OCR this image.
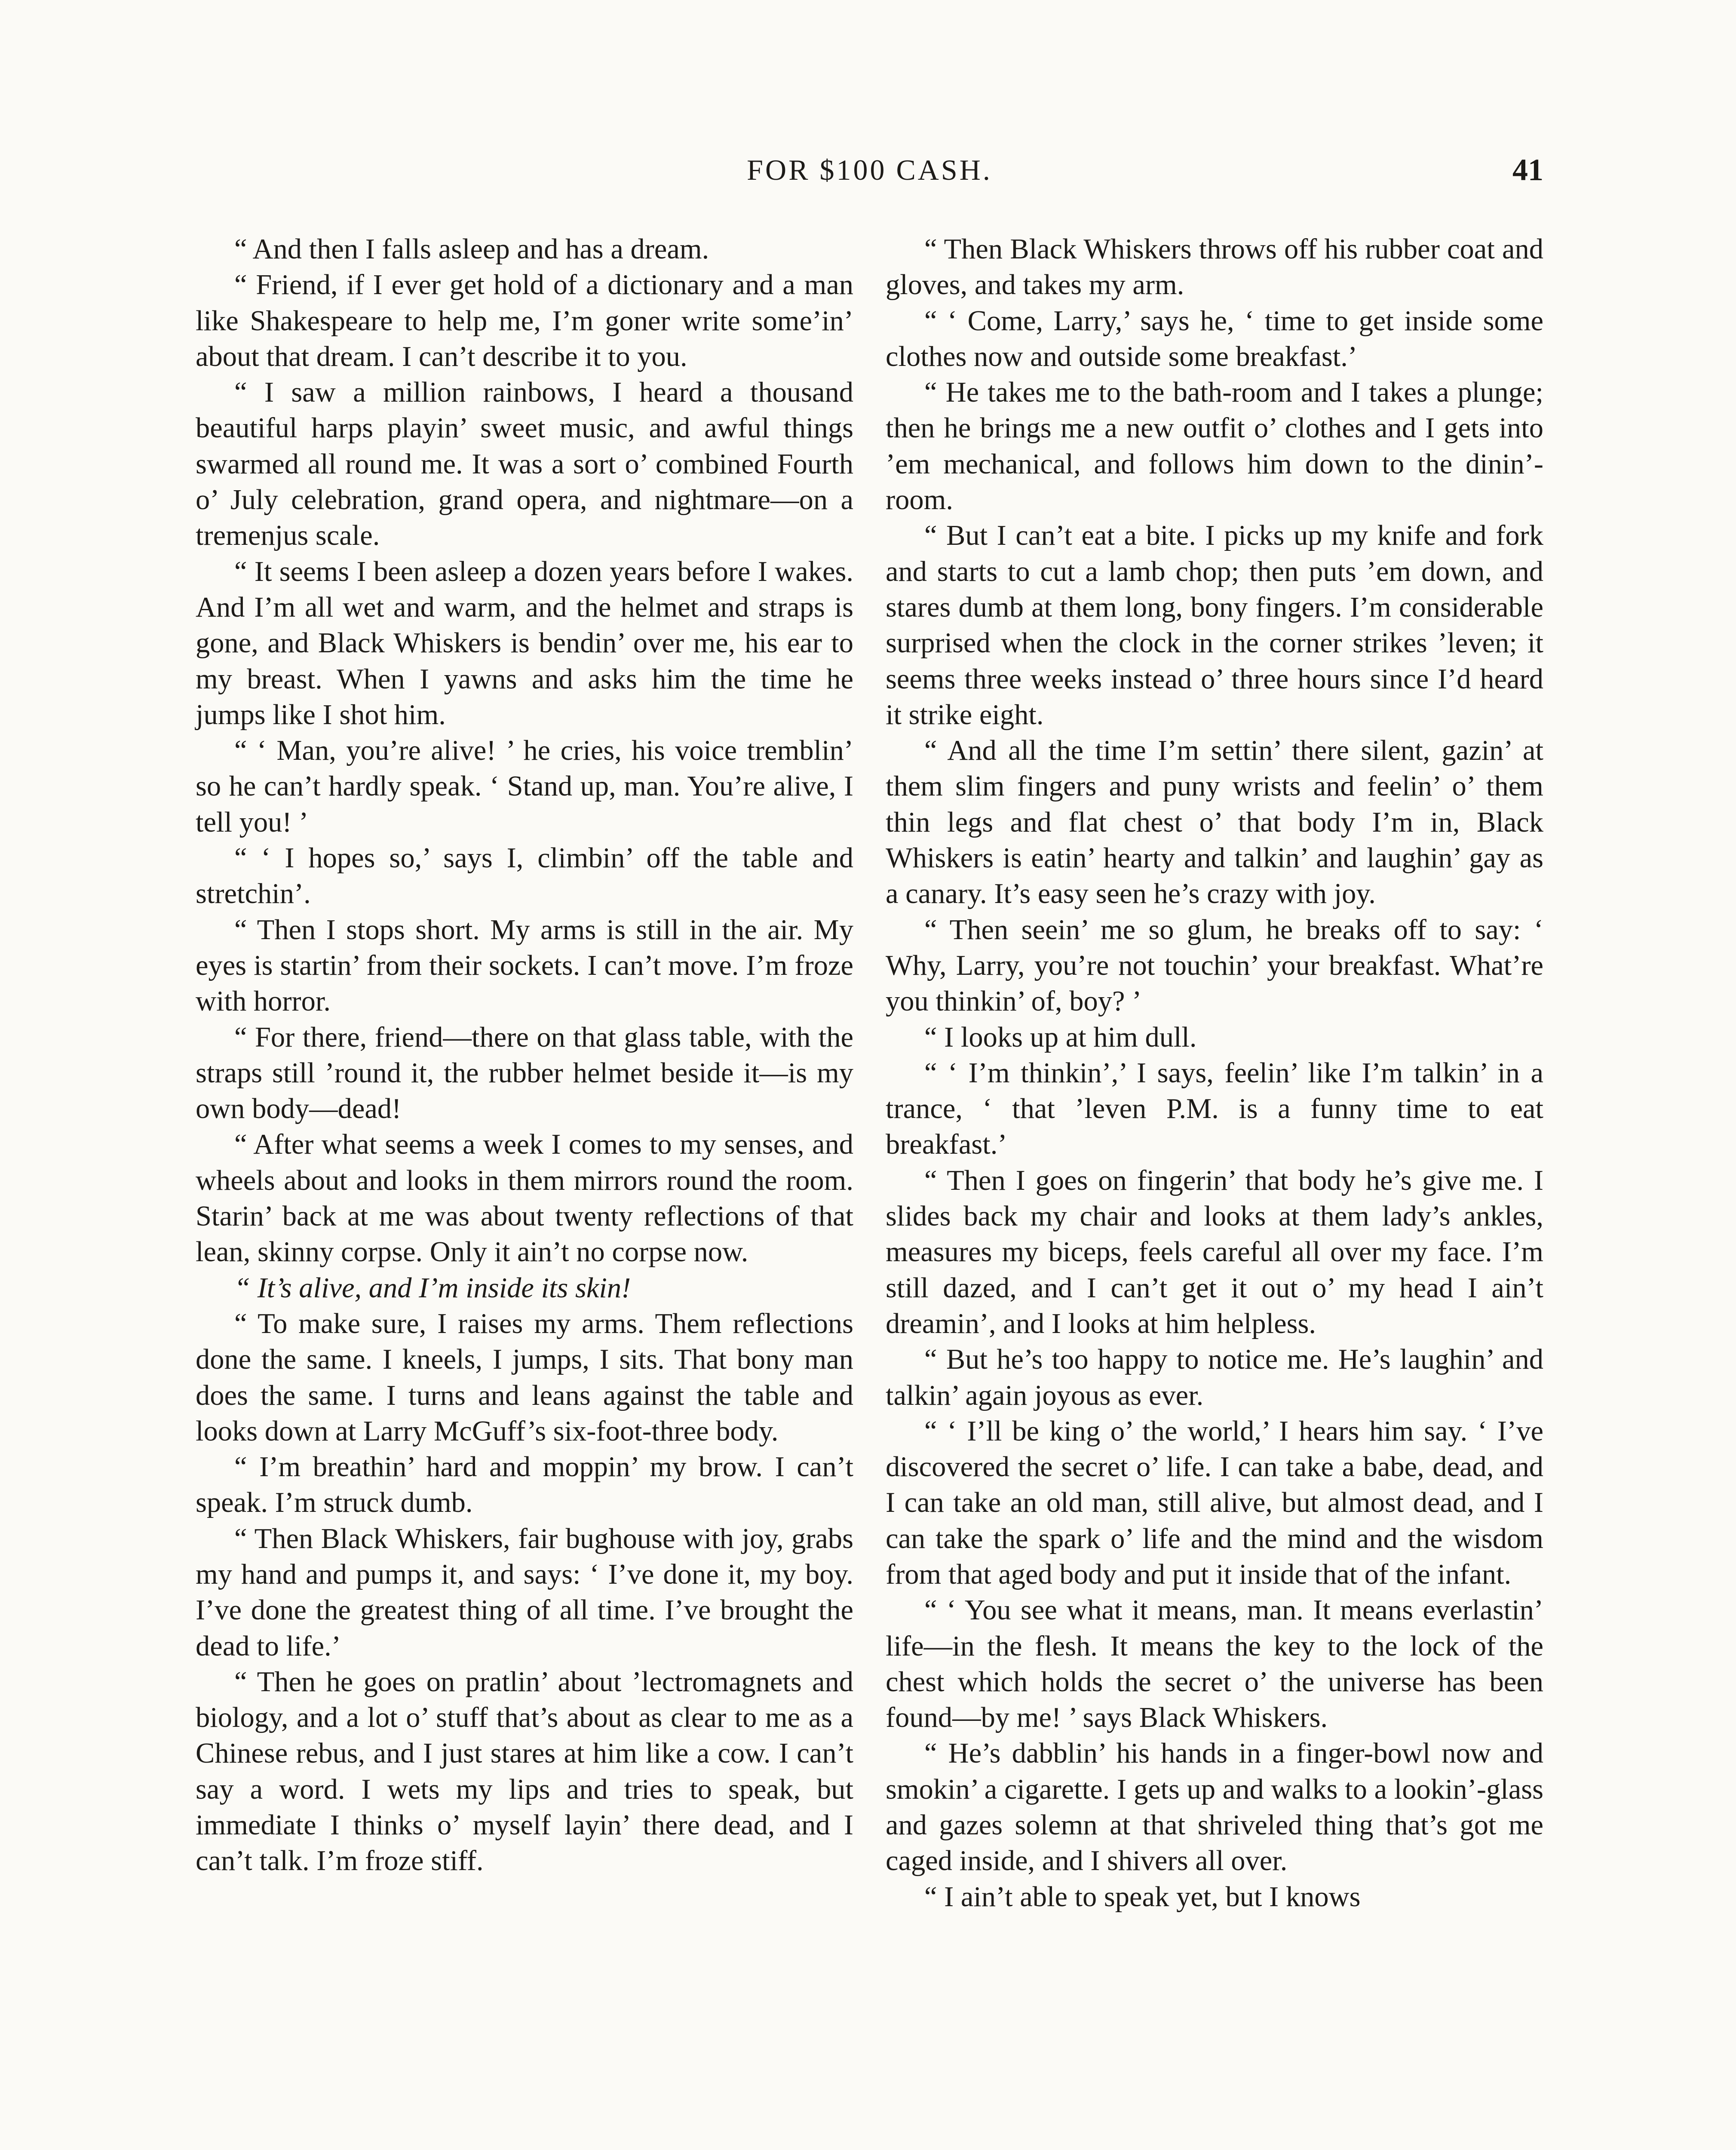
FOR $100 CASH.	41

“ And then I falls asleep and has a dream.

“ Friend, if I ever get hold of a dictionary and a man like Shakespeare to help me, I’m goner write some’in’ about that dream. I can’t describe it to you.

“ I saw a million rainbows, I heard a thousand beautiful harps playin’ sweet music, and awful things swarmed all round me. It was a sort o’ combined Fourth o’ July celebration, grand opera, and nightmare—on a tremenjus scale.

“ It seems I been asleep a dozen years before I wakes. And I’m all wet and warm, and the helmet and straps is gone, and Black Whiskers is bendin’ over me, his ear to my breast. When I yawns and asks him the time he jumps like I shot him.

“ ‘ Man, you’re alive! ’ he cries, his voice tremblin’ so he can’t hardly speak. ‘ Stand up, man. You’re alive, I tell you! ’

“ ‘ I hopes so,’ says I, climbin’ off the table and stretchin’.

“ Then I stops short. My arms is still in the air. My eyes is startin’ from their sockets. I can’t move. I’m froze with horror.

“ For there, friend—there on that glass table, with the straps still ’round it, the rubber helmet beside it—is my own body—dead!

“ After what seems a week I comes to my senses, and wheels about and looks in them mirrors round the room. Starin’ back at me was about twenty reflections of that lean, skinny corpse. Only it ain’t no corpse now.

“ It’s alive, and I’m inside its skin!

“ To make sure, I raises my arms. Them reflections done the same. I kneels, I jumps, I sits. That bony man does the same. I turns and leans against the table and looks down at Larry McGuff’s six-foot-three body.

“ I’m breathin’ hard and moppin’ my brow. I can’t speak. I’m struck dumb.

“ Then Black Whiskers, fair bughouse with joy, grabs my hand and pumps it, and says: ‘ I’ve done it, my boy. I’ve done the greatest thing of all time. I’ve brought the dead to life.’

“ Then he goes on pratlin’ about ’lectromagnets and biology, and a lot o’ stuff that’s about as clear to me as a Chinese rebus, and I just stares at him like a cow. I can’t say a word. I wets my lips and tries to speak, but immediate I thinks o’ myself layin’ there dead, and I can’t talk. I’m froze stiff.

“ Then Black Whiskers throws off his rubber coat and gloves, and takes my arm.

“ ‘ Come, Larry,’ says he, ‘ time to get inside some clothes now and outside some breakfast.’

“ He takes me to the bath-room and I takes a plunge; then he brings me a new outfit o’ clothes and I gets into ’em mechanical, and follows him down to the dinin’-room.

“ But I can’t eat a bite. I picks up my knife and fork and starts to cut a lamb chop; then puts ’em down, and stares dumb at them long, bony fingers. I’m considerable surprised when the clock in the corner strikes ’leven; it seems three weeks instead o’ three hours since I’d heard it strike eight.

“ And all the time I’m settin’ there silent, gazin’ at them slim fingers and puny wrists and feelin’ o’ them thin legs and flat chest o’ that body I’m in, Black Whiskers is eatin’ hearty and talkin’ and laughin’ gay as a canary. It’s easy seen he’s crazy with joy.

“ Then seein’ me so glum, he breaks off to say: ‘ Why, Larry, you’re not touchin’ your breakfast. What’re you thinkin’ of, boy? ’

“ I looks up at him dull.

“ ‘ I’m thinkin’,’ I says, feelin’ like I’m talkin’ in a trance, ‘ that ’leven P.M. is a funny time to eat breakfast.’

“ Then I goes on fingerin’ that body he’s give me. I slides back my chair and looks at them lady’s ankles, measures my biceps, feels careful all over my face. I’m still dazed, and I can’t get it out o’ my head I ain’t dreamin’, and I looks at him helpless.

“ But he’s too happy to notice me. He’s laughin’ and talkin’ again joyous as ever.

“ ‘ I’ll be king o’ the world,’ I hears him say. ‘ I’ve discovered the secret o’ life. I can take a babe, dead, and I can take an old man, still alive, but almost dead, and I can take the spark o’ life and the mind and the wisdom from that aged body and put it inside that of the infant.

“ ‘ You see what it means, man. It means everlastin’ life—in the flesh. It means the key to the lock of the chest which holds the secret o’ the universe has been found—by me! ’ says Black Whiskers.

“ He’s dabblin’ his hands in a finger-bowl now and smokin’ a cigarette. I gets up and walks to a lookin’-glass and gazes solemn at that shriveled thing that’s got me caged inside, and I shivers all over.

“ I ain’t able to speak yet, but I knows
